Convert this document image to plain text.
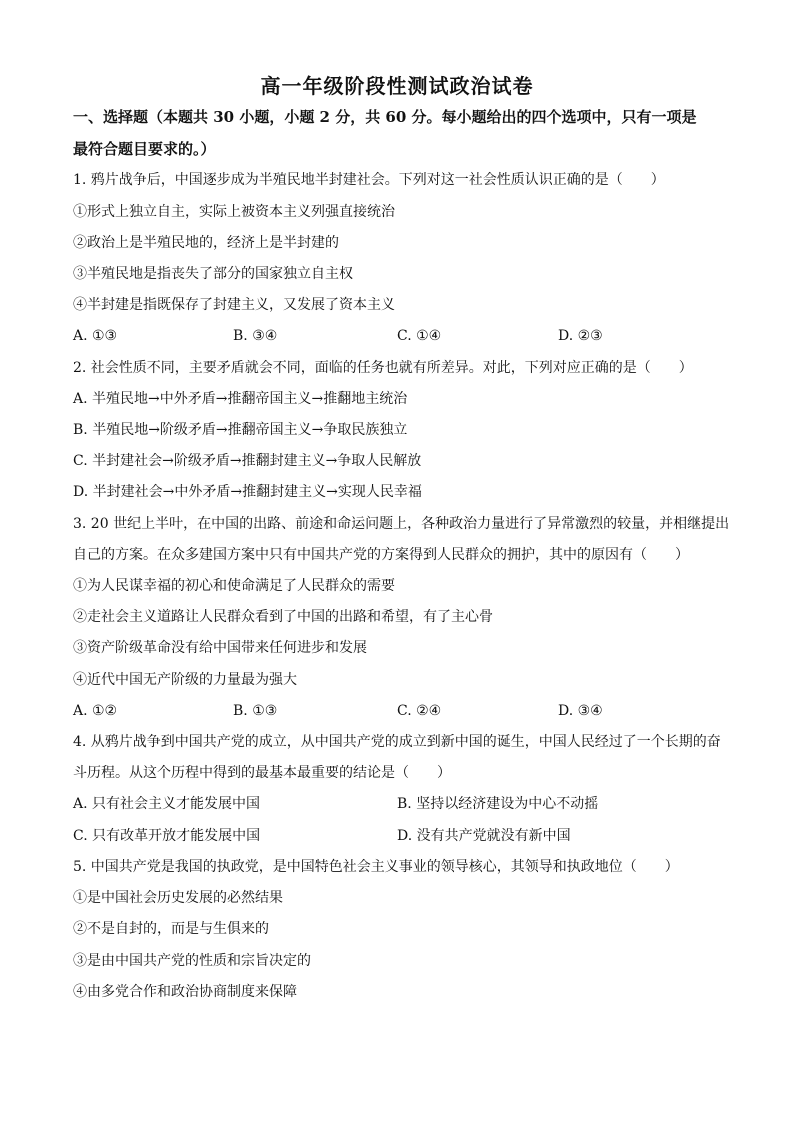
高一年级阶段性测试政治试卷
一、选择题（本题共 30 小题，小题 2 分，共 60 分。每小题给出的四个选项中，只有一项是
最符合题目要求的。）
1. 鸦片战争后，中国逐步成为半殖民地半封建社会。下列对这一社会性质认识正确的是（　　）
①形式上独立自主，实际上被资本主义列强直接统治
②政治上是半殖民地的，经济上是半封建的
③半殖民地是指丧失了部分的国家独立自主权
④半封建是指既保存了封建主义，又发展了资本主义
A. ①③	B. ③④	C. ①④	D. ②③
2. 社会性质不同，主要矛盾就会不同，面临的任务也就有所差异。对此，下列对应正确的是（　　）
A. 半殖民地→中外矛盾→推翻帝国主义→推翻地主统治
B. 半殖民地→阶级矛盾→推翻帝国主义→争取民族独立
C. 半封建社会→阶级矛盾→推翻封建主义→争取人民解放
D. 半封建社会→中外矛盾→推翻封建主义→实现人民幸福
3. 20 世纪上半叶，在中国的出路、前途和命运问题上，各种政治力量进行了异常激烈的较量，并相继提出
自己的方案。在众多建国方案中只有中国共产党的方案得到人民群众的拥护，其中的原因有（　　）
①为人民谋幸福的初心和使命满足了人民群众的需要
②走社会主义道路让人民群众看到了中国的出路和希望，有了主心骨
③资产阶级革命没有给中国带来任何进步和发展
④近代中国无产阶级的力量最为强大
A. ①②	B. ①③	C. ②④	D. ③④
4. 从鸦片战争到中国共产党的成立，从中国共产党的成立到新中国的诞生，中国人民经过了一个长期的奋
斗历程。从这个历程中得到的最基本最重要的结论是（　　）
A. 只有社会主义才能发展中国	B. 坚持以经济建设为中心不动摇
C. 只有改革开放才能发展中国	D. 没有共产党就没有新中国
5. 中国共产党是我国的执政党，是中国特色社会主义事业的领导核心，其领导和执政地位（　　）
①是中国社会历史发展的必然结果
②不是自封的，而是与生俱来的
③是由中国共产党的性质和宗旨决定的
④由多党合作和政治协商制度来保障
